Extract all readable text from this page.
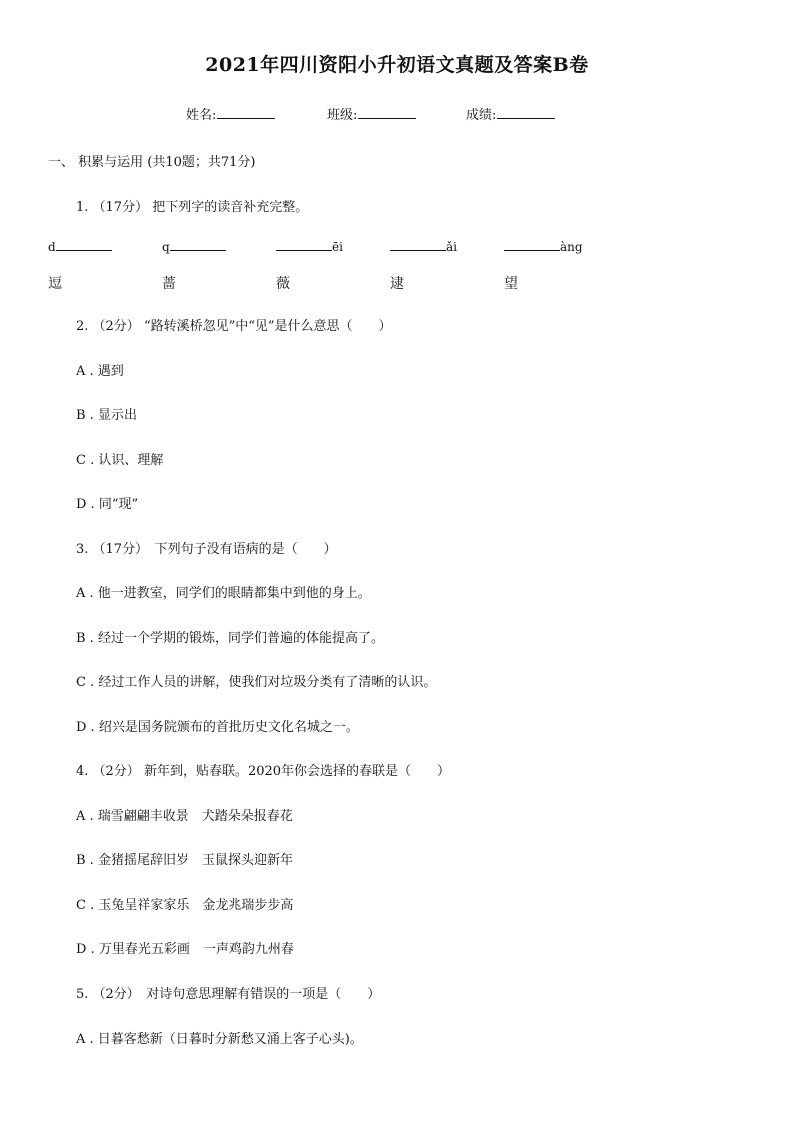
2021年四川资阳小升初语文真题及答案B卷
姓名:	班级:	成绩:
一、 积累与运用 (共10题；共71分)
1. （17分） 把下列字的读音补充完整。
d	q	ēi	ǎi	àng
逗	蔷	薇	逮	望
2. （2分） “路转溪桥忽见”中“见”是什么意思（　　）
A . 遇到
B . 显示出
C . 认识、理解
D . 同“现”
3. （17分）　下列句子没有语病的是（　　）
A . 他一进教室，同学们的眼睛都集中到他的身上。
B . 经过一个学期的锻炼，同学们普遍的体能提高了。
C . 经过工作人员的讲解，使我们对垃圾分类有了清晰的认识。
D . 绍兴是国务院颁布的首批历史文化名城之一。
4. （2分） 新年到，贴春联。2020年你会选择的春联是（　　）
A . 瑞雪翩翩丰收景　犬踏朵朵报春花
B . 金猪摇尾辞旧岁　玉鼠探头迎新年
C . 玉兔呈祥家家乐　金龙兆瑞步步高
D . 万里春光五彩画　一声鸡韵九州春
5. （2分）　对诗句意思理解有错误的一项是（　　）
A . 日暮客愁新（日暮时分新愁又涌上客子心头)。
